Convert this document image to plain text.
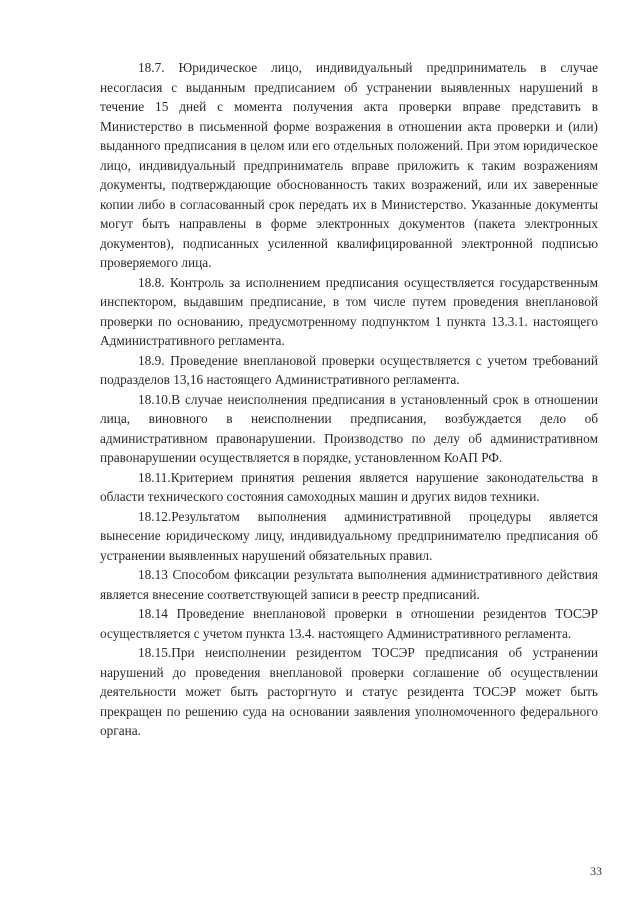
18.7. Юридическое лицо, индивидуальный предприниматель в случае несогласия с выданным предписанием об устранении выявленных нарушений в течение 15 дней с момента получения акта проверки вправе представить в Министерство в письменной форме возражения в отношении акта проверки и (или) выданного предписания в целом или его отдельных положений. При этом юридическое лицо, индивидуальный предприниматель вправе приложить к таким возражениям документы, подтверждающие обоснованность таких возражений, или их заверенные копии либо в согласованный срок передать их в Министерство. Указанные документы могут быть направлены в форме электронных документов (пакета электронных документов), подписанных усиленной квалифицированной электронной подписью проверяемого лица.

18.8. Контроль за исполнением предписания осуществляется государственным инспектором, выдавшим предписание, в том числе путем проведения внеплановой проверки по основанию, предусмотренному подпунктом 1 пункта 13.3.1. настоящего Административного регламента.

18.9. Проведение внеплановой проверки осуществляется с учетом требований подразделов 13,16 настоящего Административного регламента.

18.10.В случае неисполнения предписания в установленный срок в отношении лица, виновного в неисполнении предписания, возбуждается дело об административном правонарушении. Производство по делу об административном правонарушении осуществляется в порядке, установленном КоАП РФ.

18.11.Критерием принятия решения является нарушение законодательства в области технического состояния самоходных машин и других видов техники.

18.12.Результатом выполнения административной процедуры является вынесение юридическому лицу, индивидуальному предпринимателю предписания об устранении выявленных нарушений обязательных правил.

18.13 Способом фиксации результата выполнения административного действия является внесение соответствующей записи в реестр предписаний.

18.14 Проведение внеплановой проверки в отношении резидентов ТОСЭР осуществляется с учетом пункта 13.4. настоящего Административного регламента.

18.15.При неисполнении резидентом ТОСЭР предписания об устранении нарушений до проведения внеплановой проверки соглашение об осуществлении деятельности может быть расторгнуто и статус резидента ТОСЭР может быть прекращен по решению суда на основании заявления уполномоченного федерального органа.

33
